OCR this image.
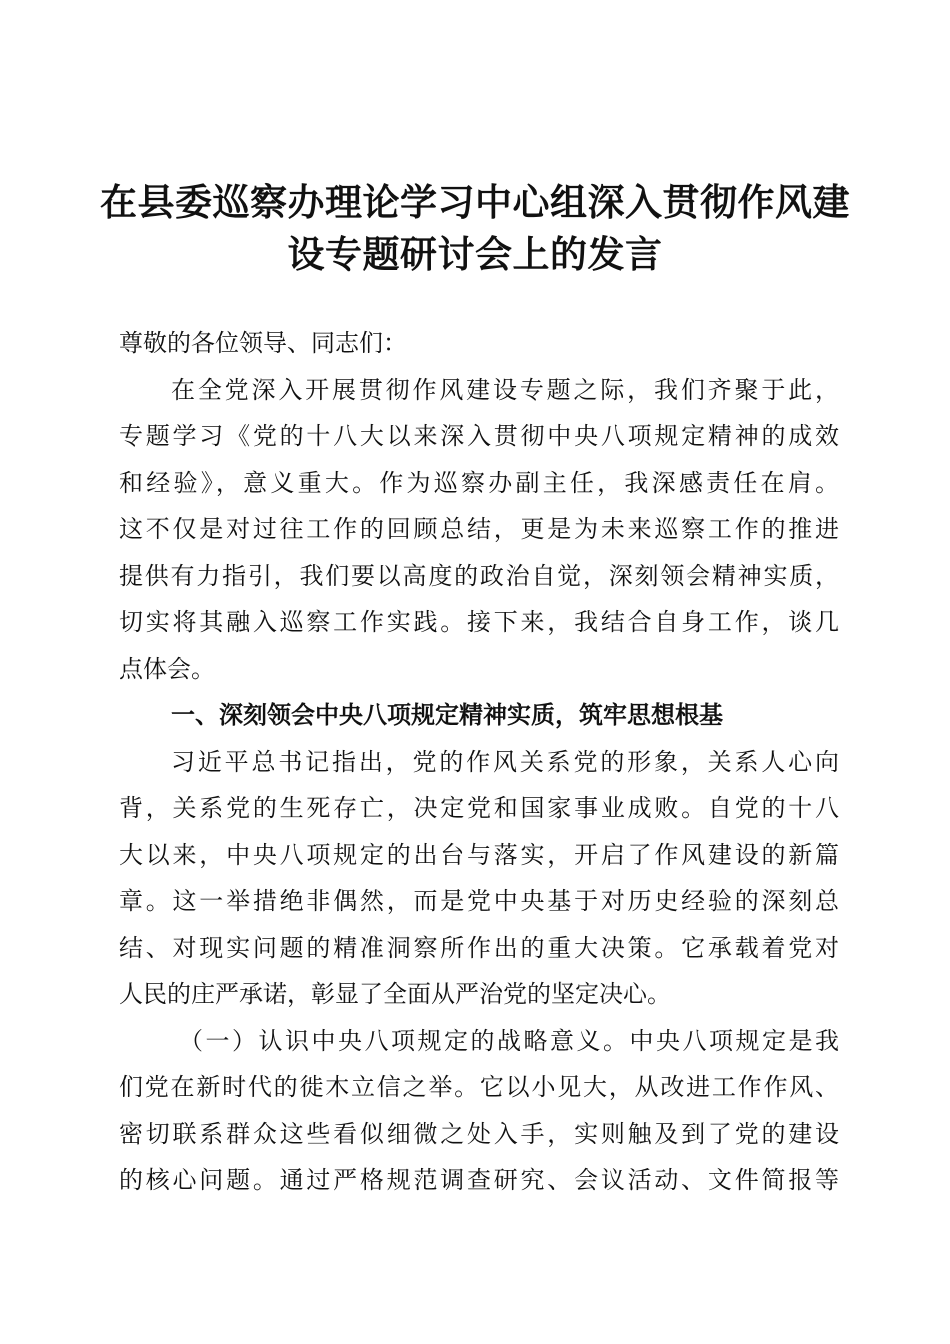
在县委巡察办理论学习中心组深入贯彻作风建
设专题研讨会上的发言
尊敬的各位领导、同志们：
在全党深入开展贯彻作风建设专题之际，我们齐聚于此，
专题学习《党的十八大以来深入贯彻中央八项规定精神的成效
和经验》，意义重大。作为巡察办副主任，我深感责任在肩。
这不仅是对过往工作的回顾总结，更是为未来巡察工作的推进
提供有力指引，我们要以高度的政治自觉，深刻领会精神实质，
切实将其融入巡察工作实践。接下来，我结合自身工作，谈几
点体会。
一、深刻领会中央八项规定精神实质，筑牢思想根基
习近平总书记指出，党的作风关系党的形象，关系人心向
背，关系党的生死存亡，决定党和国家事业成败。自党的十八
大以来，中央八项规定的出台与落实，开启了作风建设的新篇
章。这一举措绝非偶然，而是党中央基于对历史经验的深刻总
结、对现实问题的精准洞察所作出的重大决策。它承载着党对
人民的庄严承诺，彰显了全面从严治党的坚定决心。
（一）认识中央八项规定的战略意义。中央八项规定是我
们党在新时代的徙木立信之举。它以小见大，从改进工作作风、
密切联系群众这些看似细微之处入手，实则触及到了党的建设
的核心问题。通过严格规范调查研究、会议活动、文件简报等
